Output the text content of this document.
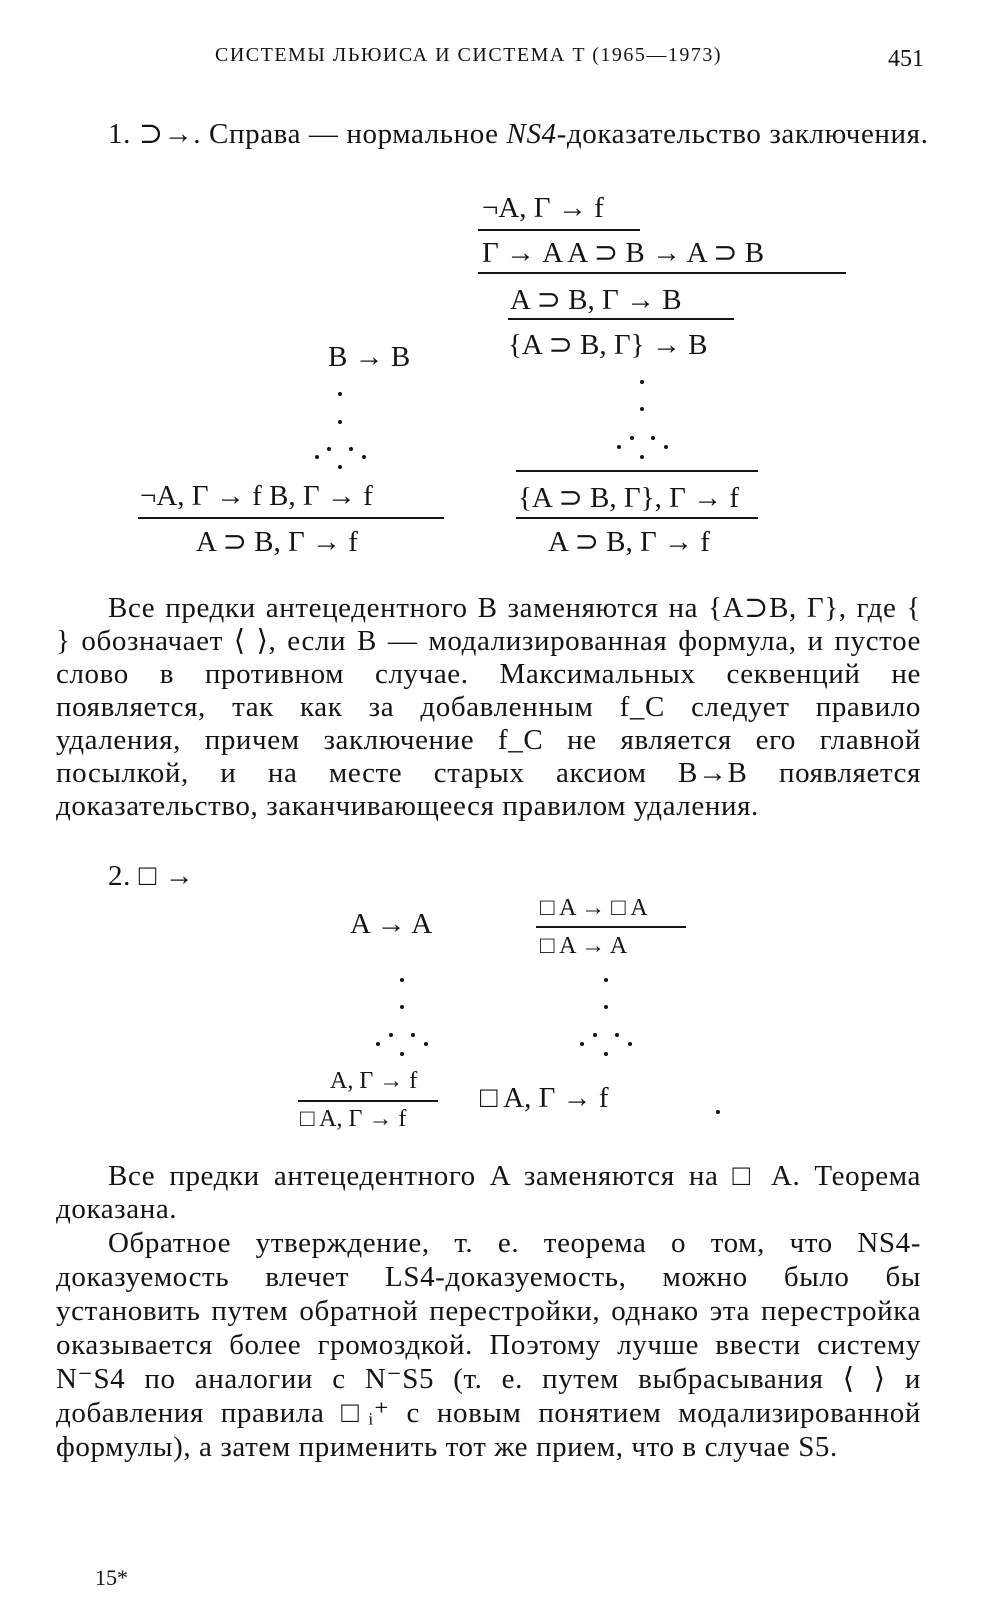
СИСТЕМЫ ЛЬЮИСА И СИСТЕМА T (1965—1973)	451
1. ⊃→. Справа — нормальное NS4-доказательство заключения.
¬A, Γ → f
Γ → A A ⊃ B → A ⊃ B
A ⊃ B, Γ → B
{A ⊃ B, Γ} → B
B → B
¬A, Γ → f B, Γ → f
A ⊃ B, Γ → f
{A ⊃ B, Γ}, Γ → f
A ⊃ B, Γ → f
Все предки антецедентного B заменяются на {A⊃B, Γ}, где { } обозначает ⟨ ⟩, если B — модализированная формула, и пустое слово в противном случае. Максимальных секвенций не появляется, так как за добавленным f_C следует правило удаления, причем заключение f_C не является его главной посылкой, и на месте старых аксиом B→B появляется доказательство, заканчивающееся правилом удаления.
2. □ →
A → A	□ A → □ A
□ A → A
A, Γ → f
□ A, Γ → f
□ A, Γ → f
Все предки антецедентного A заменяются на □ A. Теорема доказана.
Обратное утверждение, т. е. теорема о том, что NS4-доказуемость влечет LS4-доказуемость, можно было бы установить путем обратной перестройки, однако эта перестройка оказывается более громоздкой. Поэтому лучше ввести систему N⁻S4 по аналогии с N⁻S5 (т. е. путем выбрасывания ⟨ ⟩ и добавления правила □ᵢ⁺ с новым понятием модализированной формулы), а затем применить тот же прием, что в случае S5.
15*
